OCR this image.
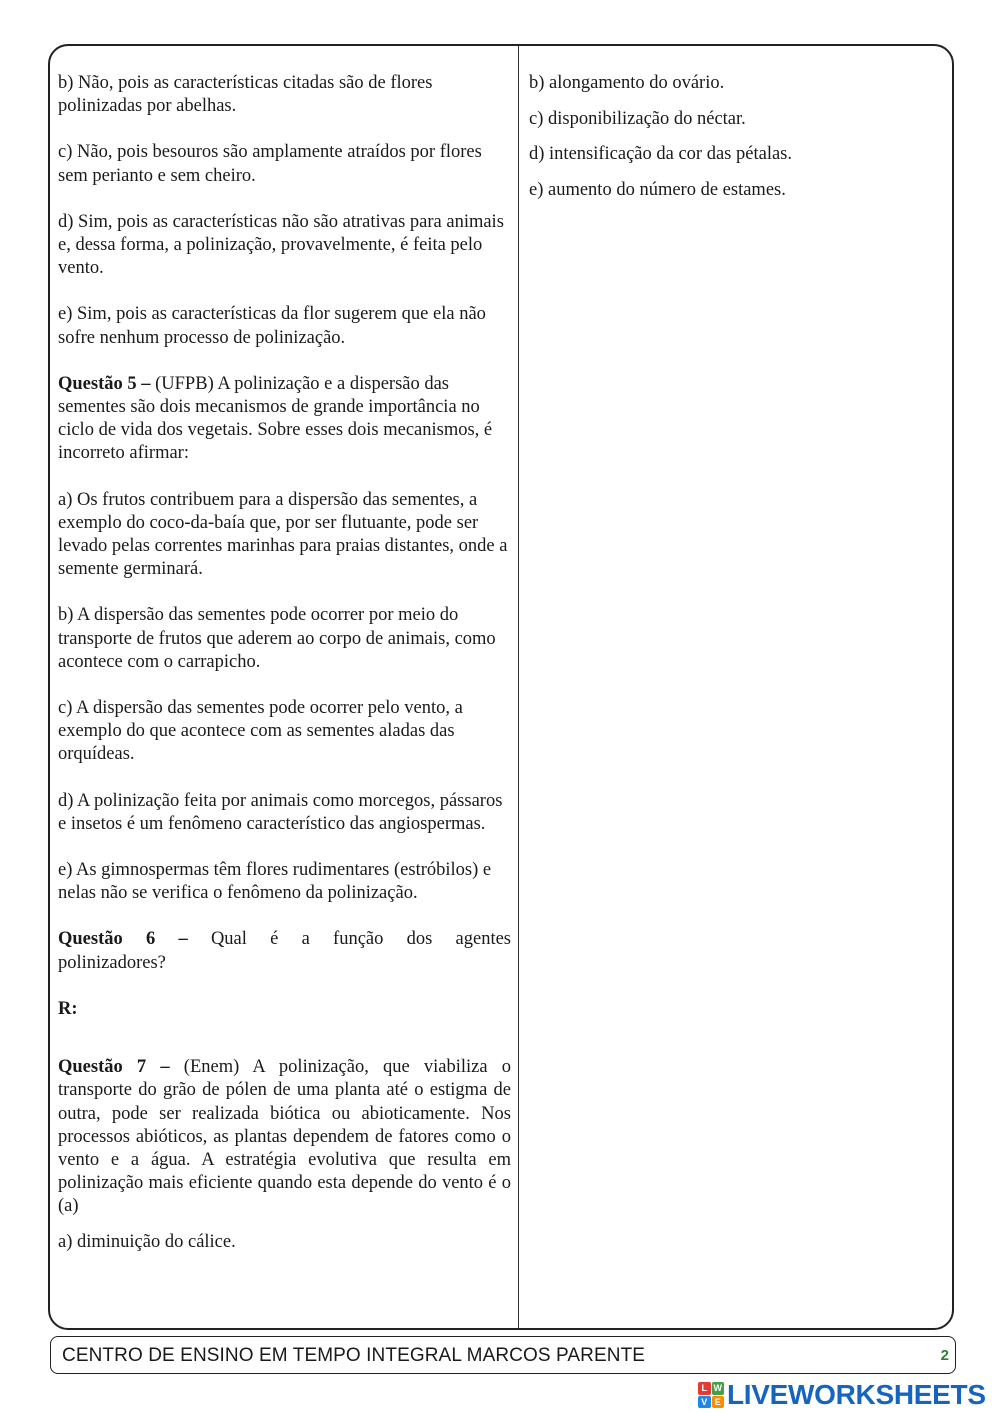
b) Não, pois as características citadas são de flores polinizadas por abelhas.

c) Não, pois besouros são amplamente atraídos por flores sem perianto e sem cheiro.

d) Sim, pois as características não são atrativas para animais e, dessa forma, a polinização, provavelmente, é feita pelo vento.

e) Sim, pois as características da flor sugerem que ela não sofre nenhum processo de polinização.

Questão 5 – (UFPB) A polinização e a dispersão das sementes são dois mecanismos de grande importância no ciclo de vida dos vegetais. Sobre esses dois mecanismos, é incorreto afirmar:

a) Os frutos contribuem para a dispersão das sementes, a exemplo do coco-da-baía que, por ser flutuante, pode ser levado pelas correntes marinhas para praias distantes, onde a semente germinará.

b) A dispersão das sementes pode ocorrer por meio do transporte de frutos que aderem ao corpo de animais, como acontece com o carrapicho.

c) A dispersão das sementes pode ocorrer pelo vento, a exemplo do que acontece com as sementes aladas das orquídeas.

d) A polinização feita por animais como morcegos, pássaros e insetos é um fenômeno característico das angiospermas.

e) As gimnospermas têm flores rudimentares (estróbilos) e nelas não se verifica o fenômeno da polinização.

Questão 6 – Qual é a função dos agentes
polinizadores?

R:

Questão 7 – (Enem) A polinização, que viabiliza o transporte do grão de pólen de uma planta até o estigma de outra, pode ser realizada biótica ou abioticamente. Nos processos abióticos, as plantas dependem de fatores como o vento e a água. A estratégia evolutiva que resulta em polinização mais eficiente quando esta depende do vento é o (a)

a) diminuição do cálice.

b) alongamento do ovário.

c) disponibilização do néctar.

d) intensificação da cor das pétalas.

e) aumento do número de estames.

CENTRO DE ENSINO EM TEMPO INTEGRAL MARCOS PARENTE	2
L W
V E LIVEWORKSHEETS
